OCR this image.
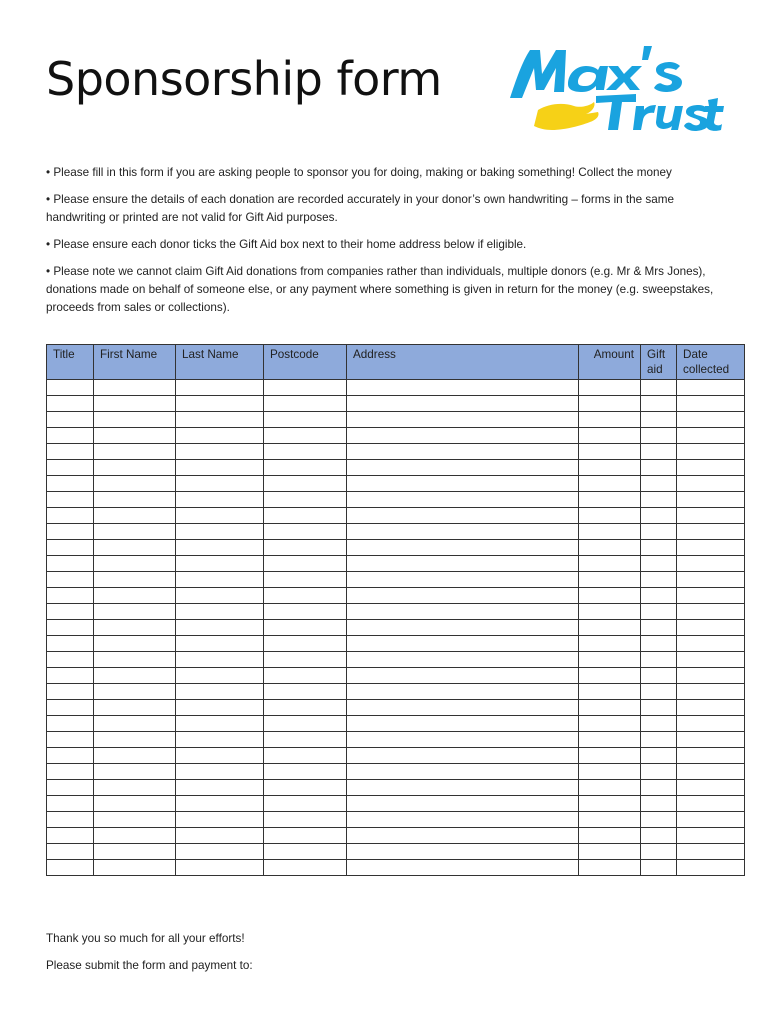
Sponsorship form

• Please fill in this form if you are asking people to sponsor you for doing, making or baking something! Collect the money

• Please ensure the details of each donation are recorded accurately in your donor’s own handwriting – forms in the same handwriting or printed are not valid for Gift Aid purposes.

• Please ensure each donor ticks the Gift Aid box next to their home address below if eligible.

• Please note we cannot claim Gift Aid donations from companies rather than individuals, multiple donors (e.g. Mr & Mrs Jones), donations made on behalf of someone else, or any payment where something is given in return for the money (e.g. sweepstakes, proceeds from sales or collections).

Title	First Name	Last Name	Postcode	Address	Amount	Gift aid	Date collected

Thank you so much for all your efforts!

Please submit the form and payment to:
